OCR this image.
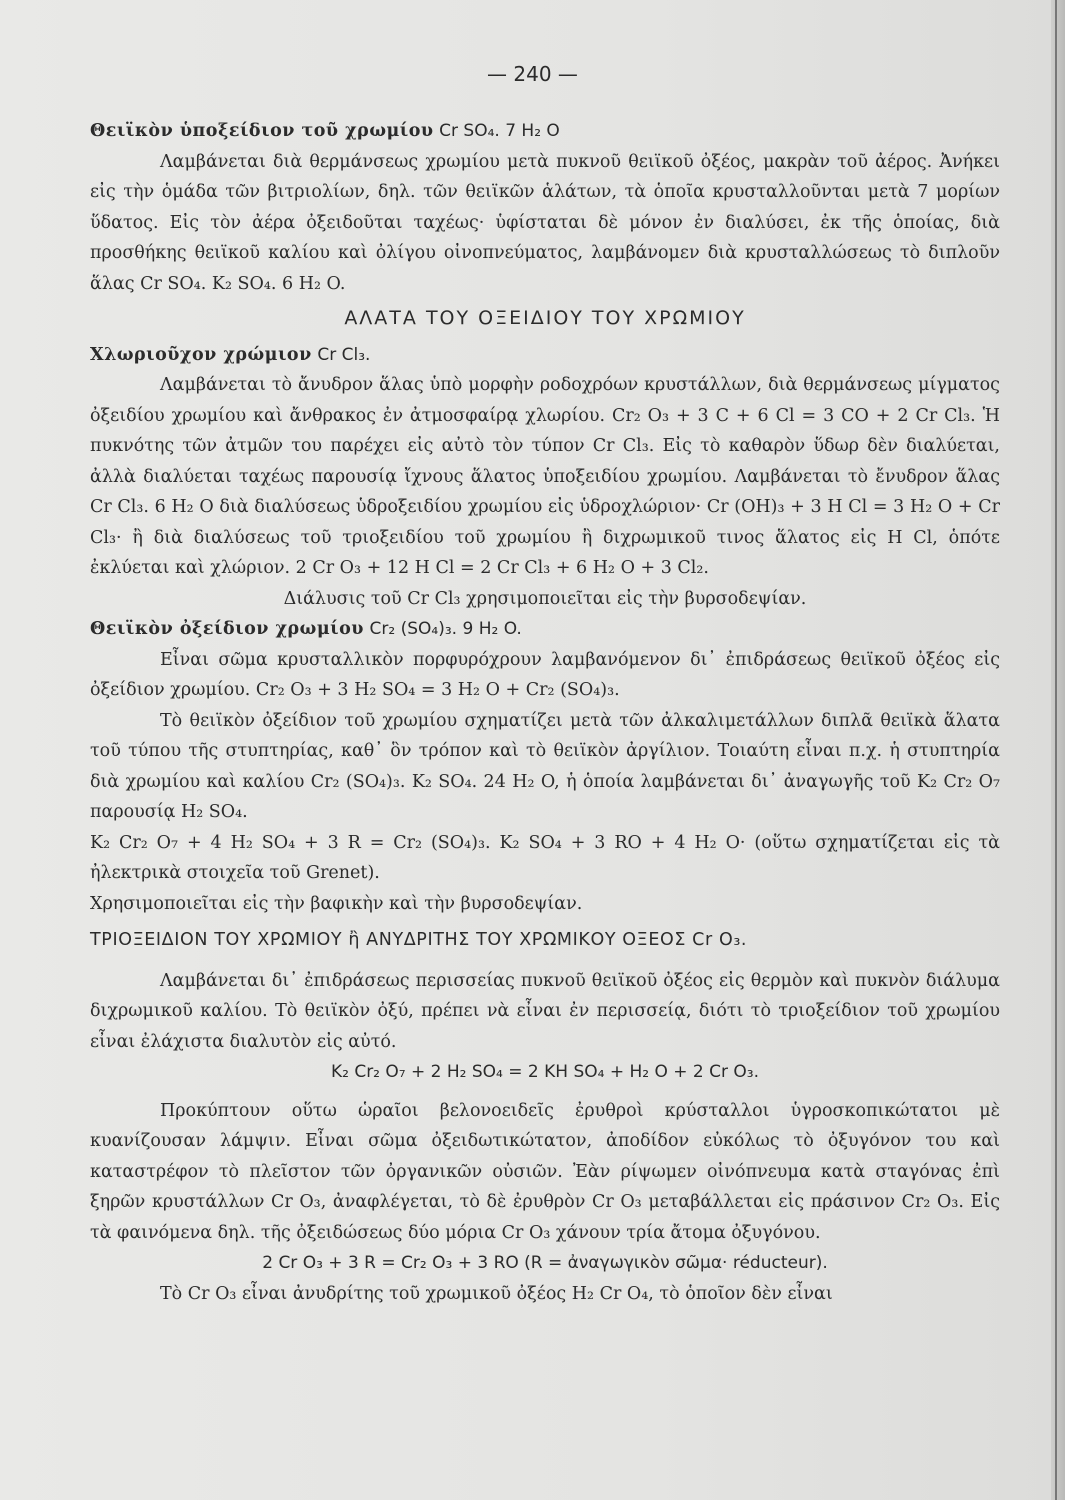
— 240 —

Θειϊκὸν ὑποξείδιον τοῦ χρωμίου Cr SO₄. 7 H₂ O

Λαμβάνεται διὰ θερμάνσεως χρωμίου μετὰ πυκνοῦ θειϊκοῦ ὀξέος, μακρὰν τοῦ ἀέρος. Ἀνήκει εἰς τὴν ὁμάδα τῶν βιτριολίων, δηλ. τῶν θειϊκῶν ἁλάτων, τὰ ὁποῖα κρυσταλλοῦνται μετὰ 7 μορίων ὕδατος. Εἰς τὸν ἀέρα ὀξειδοῦται ταχέως· ὑφίσταται δὲ μόνον ἐν διαλύσει, ἐκ τῆς ὁποίας, διὰ προσθήκης θειϊκοῦ καλίου καὶ ὀλίγου οἰνοπνεύματος, λαμβάνομεν διὰ κρυσταλλώσεως τὸ διπλοῦν ἅλας Cr SO₄. K₂ SO₄. 6 H₂ O.

ΑΛΑΤΑ ΤΟΥ ΟΞΕΙΔΙΟΥ ΤΟΥ ΧΡΩΜΙΟΥ

Χλωριοῦχον χρώμιον Cr Cl₃.

Λαμβάνεται τὸ ἄνυδρον ἅλας ὑπὸ μορφὴν ροδοχρόων κρυστάλλων, διὰ θερμάνσεως μίγματος ὀξειδίου χρωμίου καὶ ἄνθρακος ἐν ἀτμοσφαίρᾳ χλωρίου. Cr₂ O₃ + 3 C + 6 Cl = 3 CO + 2 Cr Cl₃. Ἡ πυκνότης τῶν ἀτμῶν του παρέχει εἰς αὐτὸ τὸν τύπον Cr Cl₃. Εἰς τὸ καθαρὸν ὕδωρ δὲν διαλύεται, ἀλλὰ διαλύεται ταχέως παρουσίᾳ ἴχνους ἅλατος ὑποξειδίου χρωμίου. Λαμβάνεται τὸ ἔνυδρον ἅλας Cr Cl₃. 6 H₂ O διὰ διαλύσεως ὑδροξειδίου χρωμίου εἰς ὑδροχλώριον· Cr (OH)₃ + 3 H Cl = 3 H₂ O + Cr Cl₃· ἢ διὰ διαλύσεως τοῦ τριοξειδίου τοῦ χρωμίου ἢ διχρωμικοῦ τινος ἅλατος εἰς H Cl, ὁπότε ἐκλύεται καὶ χλώριον. 2 Cr O₃ + 12 H Cl = 2 Cr Cl₃ + 6 H₂ O + 3 Cl₂.

Διάλυσις τοῦ Cr Cl₃ χρησιμοποιεῖται εἰς τὴν βυρσοδεψίαν.

Θειϊκὸν ὀξείδιον χρωμίου Cr₂ (SO₄)₃. 9 H₂ O.

Εἶναι σῶμα κρυσταλλικὸν πορφυρόχρουν λαμβανόμενον δι᾽ ἐπιδράσεως θειϊκοῦ ὀξέος εἰς ὀξείδιον χρωμίου. Cr₂ O₃ + 3 H₂ SO₄ = 3 H₂ O + Cr₂ (SO₄)₃.

Τὸ θειϊκὸν ὀξείδιον τοῦ χρωμίου σχηματίζει μετὰ τῶν ἀλκαλιμετάλλων διπλᾶ θειϊκὰ ἅλατα τοῦ τύπου τῆς στυπτηρίας, καθ᾽ ὃν τρόπον καὶ τὸ θειϊκὸν ἀργίλιον. Τοιαύτη εἶναι π.χ. ἡ στυπτηρία διὰ χρωμίου καὶ καλίου Cr₂ (SO₄)₃. K₂ SO₄. 24 H₂ O, ἡ ὁποία λαμβάνεται δι᾽ ἀναγωγῆς τοῦ K₂ Cr₂ O₇ παρουσίᾳ H₂ SO₄.

K₂ Cr₂ O₇ + 4 H₂ SO₄ + 3 R = Cr₂ (SO₄)₃. K₂ SO₄ + 3 RO + 4 H₂ O· (οὕτω σχηματίζεται εἰς τὰ ἠλεκτρικὰ στοιχεῖα τοῦ Grenet).

Χρησιμοποιεῖται εἰς τὴν βαφικὴν καὶ τὴν βυρσοδεψίαν.

ΤΡΙΟΞΕΙΔΙΟΝ ΤΟΥ ΧΡΩΜΙΟΥ ἢ ΑΝΥΔΡΙΤΗΣ ΤΟΥ ΧΡΩΜΙΚΟΥ ΟΞΕΟΣ Cr O₃.

Λαμβάνεται δι᾽ ἐπιδράσεως περισσείας πυκνοῦ θειϊκοῦ ὀξέος εἰς θερμὸν καὶ πυκνὸν διάλυμα διχρωμικοῦ καλίου. Τὸ θειϊκὸν ὀξύ, πρέπει νὰ εἶναι ἐν περισσείᾳ, διότι τὸ τριοξείδιον τοῦ χρωμίου εἶναι ἐλάχιστα διαλυτὸν εἰς αὐτό.

K₂ Cr₂ O₇ + 2 H₂ SO₄ = 2 KH SO₄ + H₂ O + 2 Cr O₃.

Προκύπτουν οὕτω ὡραῖοι βελονοειδεῖς ἐρυθροὶ κρύσταλλοι ὑγροσκοπικώτατοι μὲ κυανίζουσαν λάμψιν. Εἶναι σῶμα ὀξειδωτικώτατον, ἀποδίδον εὐκόλως τὸ ὀξυγόνον του καὶ καταστρέφον τὸ πλεῖστον τῶν ὀργανικῶν οὐσιῶν. Ἐὰν ρίψωμεν οἰνόπνευμα κατὰ σταγόνας ἐπὶ ξηρῶν κρυστάλλων Cr O₃, ἀναφλέγεται, τὸ δὲ ἐρυθρὸν Cr O₃ μεταβάλλεται εἰς πράσινον Cr₂ O₃. Εἰς τὰ φαινόμενα δηλ. τῆς ὀξειδώσεως δύο μόρια Cr O₃ χάνουν τρία ἄτομα ὀξυγόνου.

2 Cr O₃ + 3 R = Cr₂ O₃ + 3 RO (R = ἀναγωγικὸν σῶμα· réducteur).

Τὸ Cr O₃ εἶναι ἀνυδρίτης τοῦ χρωμικοῦ ὀξέος H₂ Cr O₄, τὸ ὁποῖον δὲν εἶναι
